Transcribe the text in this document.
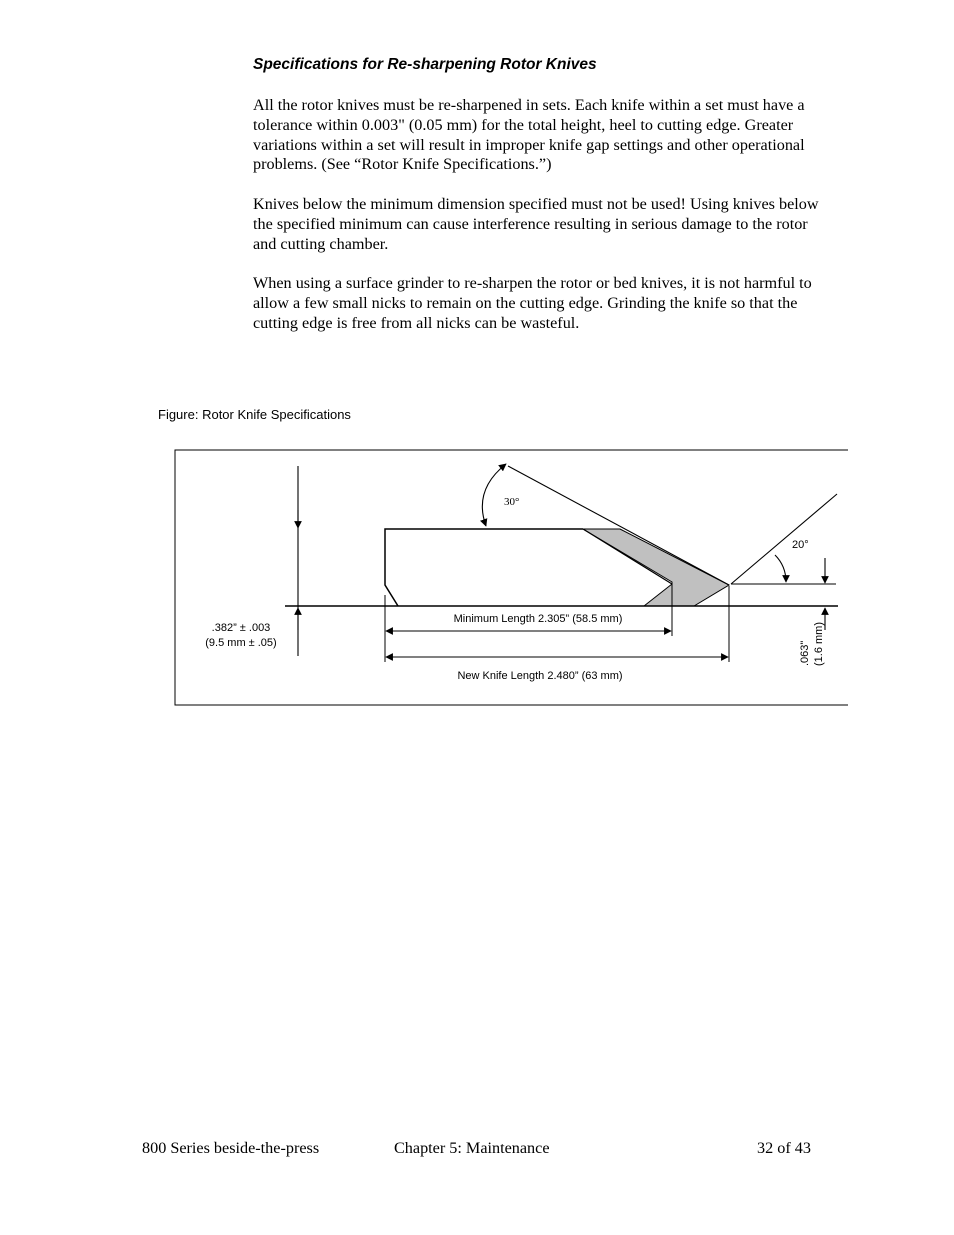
Specifications for Re-sharpening Rotor Knives

All the rotor knives must be re-sharpened in sets. Each knife within a set must have a tolerance within 0.003" (0.05 mm) for the total height, heel to cutting edge. Greater variations within a set will result in improper knife gap settings and other operational problems. (See “Rotor Knife Specifications.”)

Knives below the minimum dimension specified must not be used! Using knives below the specified minimum can cause interference resulting in serious damage to the rotor and cutting chamber.

When using a surface grinder to re-sharpen the rotor or bed knives, it is not harmful to allow a few small nicks to remain on the cutting edge. Grinding the knife so that the cutting edge is free from all nicks can be wasteful.

Figure: Rotor Knife Specifications

30°
20°
.382” ± .003
(9.5 mm ± .05)
Minimum Length 2.305” (58.5 mm)
New Knife Length 2.480” (63 mm)
.063" (1.6 mm)

800 Series beside-the-press	Chapter 5: Maintenance	32 of 43
